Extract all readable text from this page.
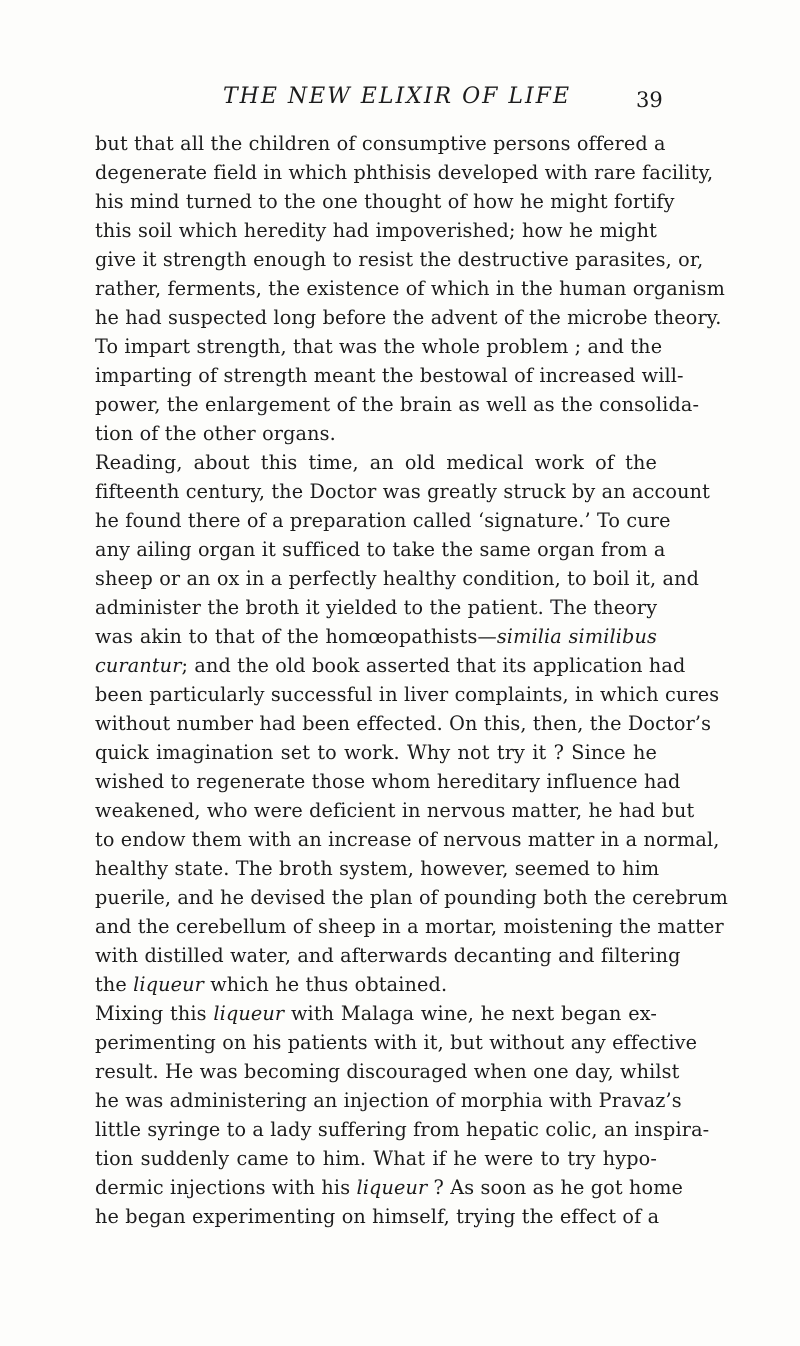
THE NEW ELIXIR OF LIFE	39
but that all the children of consumptive persons offered a
degenerate field in which phthisis developed with rare facility,
his mind turned to the one thought of how he might fortify
this soil which heredity had impoverished; how he might
give it strength enough to resist the destructive parasites, or,
rather, ferments, the existence of which in the human organism
he had suspected long before the advent of the microbe theory.
To impart strength, that was the whole problem ; and the
imparting of strength meant the bestowal of increased will-
power, the enlargement of the brain as well as the consolida-
tion of the other organs.
Reading, about this time, an old medical work of the
fifteenth century, the Doctor was greatly struck by an account
he found there of a preparation called ‘signature.’ To cure
any ailing organ it sufficed to take the same organ from a
sheep or an ox in a perfectly healthy condition, to boil it, and
administer the broth it yielded to the patient. The theory
was akin to that of the homœopathists—similia similibus
curantur; and the old book asserted that its application had
been particularly successful in liver complaints, in which cures
without number had been effected. On this, then, the Doctor’s
quick imagination set to work. Why not try it ? Since he
wished to regenerate those whom hereditary influence had
weakened, who were deficient in nervous matter, he had but
to endow them with an increase of nervous matter in a normal,
healthy state. The broth system, however, seemed to him
puerile, and he devised the plan of pounding both the cerebrum
and the cerebellum of sheep in a mortar, moistening the matter
with distilled water, and afterwards decanting and filtering
the liqueur which he thus obtained.
Mixing this liqueur with Malaga wine, he next began ex-
perimenting on his patients with it, but without any effective
result. He was becoming discouraged when one day, whilst
he was administering an injection of morphia with Pravaz’s
little syringe to a lady suffering from hepatic colic, an inspira-
tion suddenly came to him. What if he were to try hypo-
dermic injections with his liqueur ? As soon as he got home
he began experimenting on himself, trying the effect of a
